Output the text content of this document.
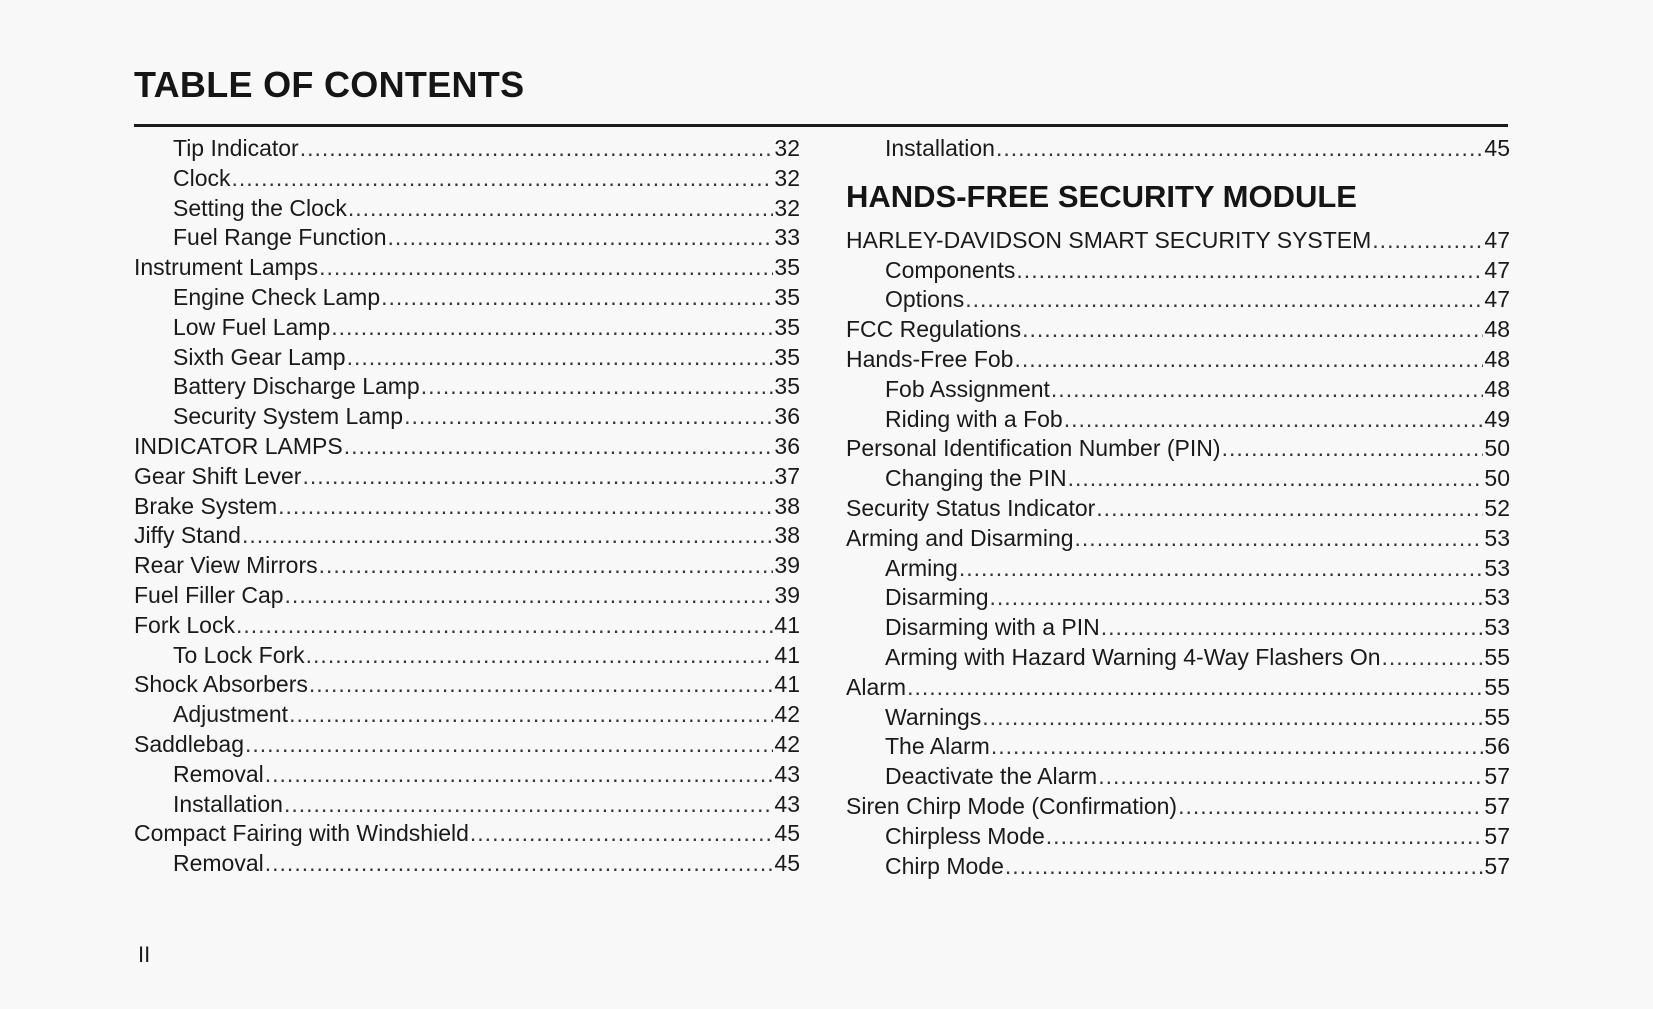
TABLE OF CONTENTS
Tip Indicator .....	32
Clock .....	32
Setting the Clock .....	32
Fuel Range Function .....	33
Instrument Lamps .....	35
Engine Check Lamp .....	35
Low Fuel Lamp .....	35
Sixth Gear Lamp .....	35
Battery Discharge Lamp .....	35
Security System Lamp .....	36
INDICATOR LAMPS .....	36
Gear Shift Lever .....	37
Brake System .....	38
Jiffy Stand .....	38
Rear View Mirrors .....	39
Fuel Filler Cap .....	39
Fork Lock .....	41
To Lock Fork .....	41
Shock Absorbers .....	41
Adjustment .....	42
Saddlebag .....	42
Removal .....	43
Installation .....	43
Compact Fairing with Windshield .....	45
Removal .....	45
Installation .....	45
HANDS-FREE SECURITY MODULE
HARLEY-DAVIDSON SMART SECURITY SYSTEM .....	47
Components .....	47
Options .....	47
FCC Regulations .....	48
Hands-Free Fob .....	48
Fob Assignment .....	48
Riding with a Fob .....	49
Personal Identification Number (PIN) .....	50
Changing the PIN .....	50
Security Status Indicator .....	52
Arming and Disarming .....	53
Arming .....	53
Disarming .....	53
Disarming with a PIN .....	53
Arming with Hazard Warning 4-Way Flashers On .....	55
Alarm .....	55
Warnings .....	55
The Alarm .....	56
Deactivate the Alarm .....	57
Siren Chirp Mode (Confirmation) .....	57
Chirpless Mode .....	57
Chirp Mode .....	57
II
